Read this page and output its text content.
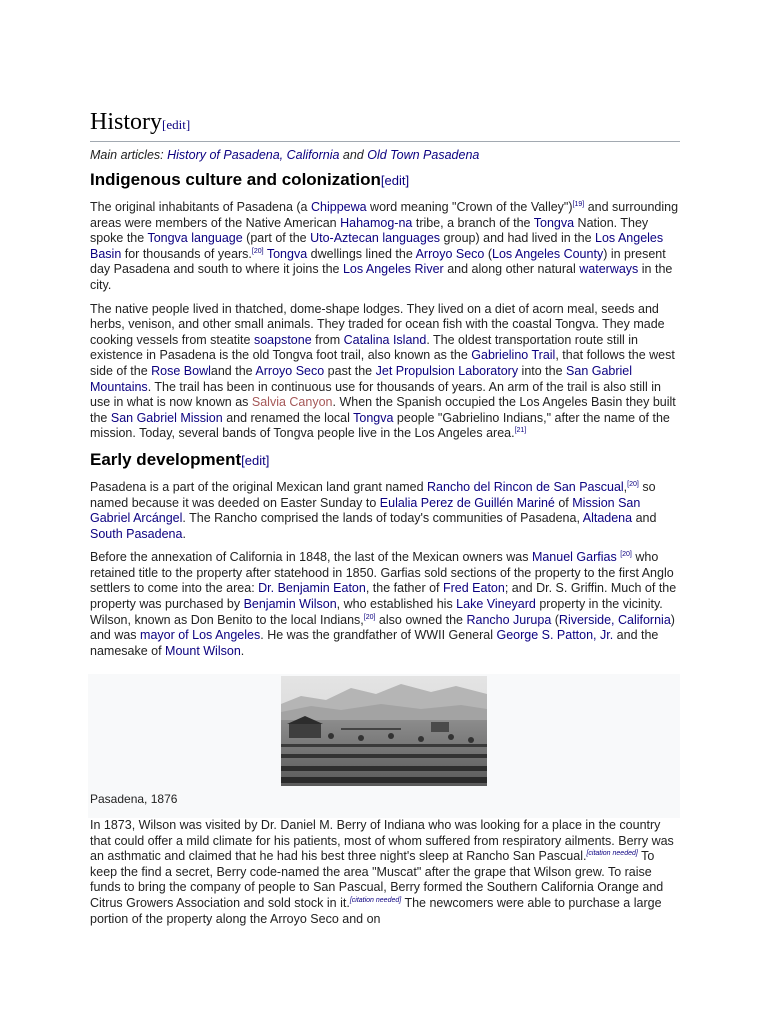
History[edit]
Main articles: History of Pasadena, California and Old Town Pasadena
Indigenous culture and colonization[edit]

The original inhabitants of Pasadena (a Chippewa word meaning "Crown of the Valley")[19] and surrounding areas were members of the Native American Hahamog-na tribe, a branch of the Tongva Nation. They spoke the Tongva language (part of the Uto-Aztecan languages group) and had lived in the Los Angeles Basin for thousands of years.[20] Tongva dwellings lined the Arroyo Seco (Los Angeles County) in present day Pasadena and south to where it joins the Los Angeles River and along other natural waterways in the city.

The native people lived in thatched, dome-shape lodges. They lived on a diet of acorn meal, seeds and herbs, venison, and other small animals. They traded for ocean fish with the coastal Tongva. They made cooking vessels from steatite soapstone from Catalina Island. The oldest transportation route still in existence in Pasadena is the old Tongva foot trail, also known as the Gabrielino Trail, that follows the west side of the Rose Bowland the Arroyo Seco past the Jet Propulsion Laboratory into the San Gabriel Mountains. The trail has been in continuous use for thousands of years. An arm of the trail is also still in use in what is now known as Salvia Canyon. When the Spanish occupied the Los Angeles Basin they built the San Gabriel Mission and renamed the local Tongva people "Gabrielino Indians," after the name of the mission. Today, several bands of Tongva people live in the Los Angeles area.[21]

Early development[edit]

Pasadena is a part of the original Mexican land grant named Rancho del Rincon de San Pascual,[20] so named because it was deeded on Easter Sunday to Eulalia Perez de Guillén Mariné of Mission San Gabriel Arcángel. The Rancho comprised the lands of today's communities of Pasadena, Altadena and South Pasadena.

Before the annexation of California in 1848, the last of the Mexican owners was Manuel Garfias [20] who retained title to the property after statehood in 1850. Garfias sold sections of the property to the first Anglo settlers to come into the area: Dr. Benjamin Eaton, the father of Fred Eaton; and Dr. S. Griffin. Much of the property was purchased by Benjamin Wilson, who established his Lake Vineyard property in the vicinity. Wilson, known as Don Benito to the local Indians,[20] also owned the Rancho Jurupa (Riverside, California) and was mayor of Los Angeles. He was the grandfather of WWII General George S. Patton, Jr. and the namesake of Mount Wilson.

Pasadena, 1876

In 1873, Wilson was visited by Dr. Daniel M. Berry of Indiana who was looking for a place in the country that could offer a mild climate for his patients, most of whom suffered from respiratory ailments. Berry was an asthmatic and claimed that he had his best three night's sleep at Rancho San Pascual.[citation needed] To keep the find a secret, Berry code-named the area "Muscat" after the grape that Wilson grew. To raise funds to bring the company of people to San Pascual, Berry formed the Southern California Orange and Citrus Growers Association and sold stock in it.[citation needed] The newcomers were able to purchase a large portion of the property along the Arroyo Seco and on
